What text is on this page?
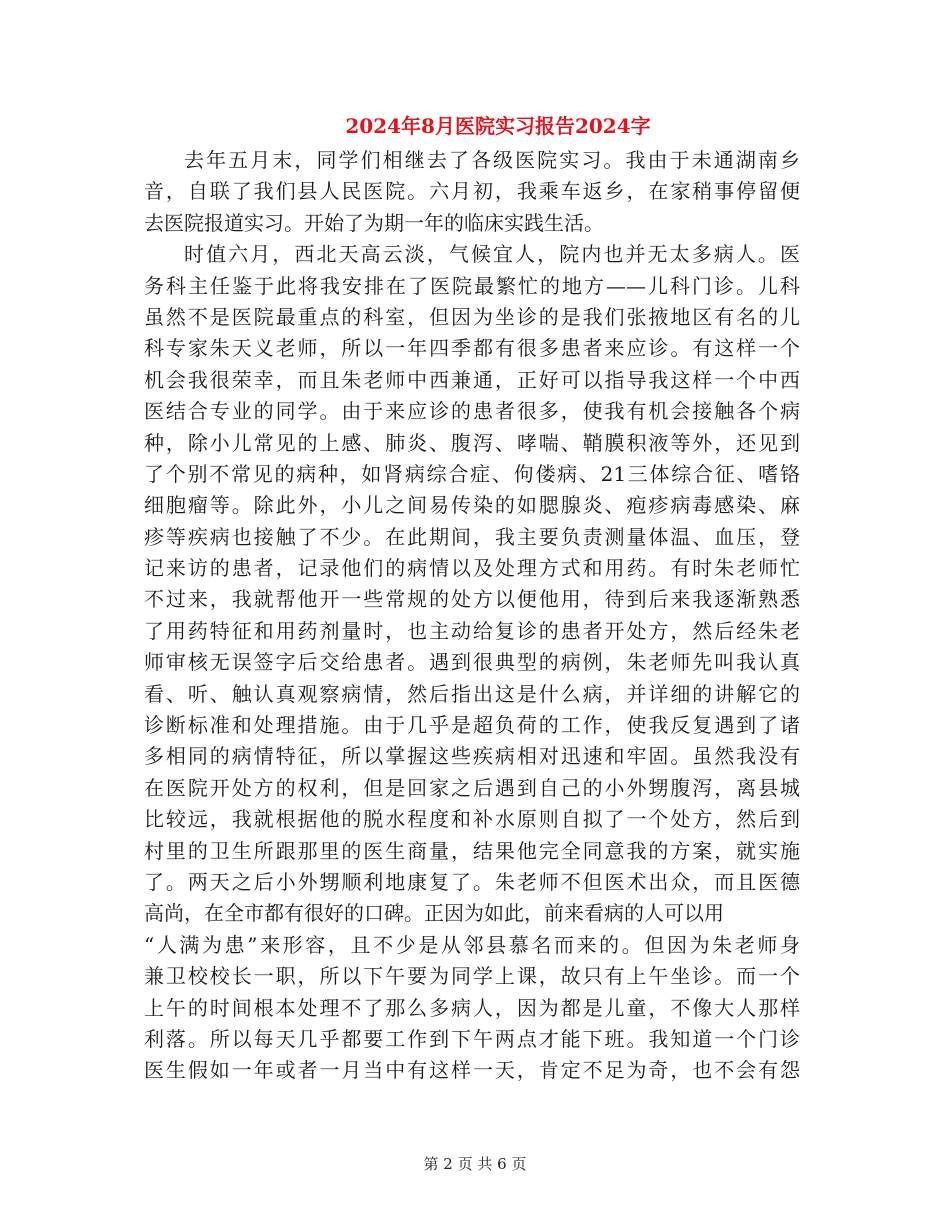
2024年8月医院实习报告2024字
去年五月末，同学们相继去了各级医院实习。我由于未通湖南乡
音，自联了我们县人民医院。六月初，我乘车返乡，在家稍事停留便
去医院报道实习。开始了为期一年的临床实践生活。
时值六月，西北天高云淡，气候宜人，院内也并无太多病人。医
务科主任鉴于此将我安排在了医院最繁忙的地方——儿科门诊。儿科
虽然不是医院最重点的科室，但因为坐诊的是我们张掖地区有名的儿
科专家朱天义老师，所以一年四季都有很多患者来应诊。有这样一个
机会我很荣幸，而且朱老师中西兼通，正好可以指导我这样一个中西
医结合专业的同学。由于来应诊的患者很多，使我有机会接触各个病
种，除小儿常见的上感、肺炎、腹泻、哮喘、鞘膜积液等外，还见到
了个别不常见的病种，如肾病综合症、佝偻病、21三体综合征、嗜铬
细胞瘤等。除此外，小儿之间易传染的如腮腺炎、疱疹病毒感染、麻
疹等疾病也接触了不少。在此期间，我主要负责测量体温、血压，登
记来访的患者，记录他们的病情以及处理方式和用药。有时朱老师忙
不过来，我就帮他开一些常规的处方以便他用，待到后来我逐渐熟悉
了用药特征和用药剂量时，也主动给复诊的患者开处方，然后经朱老
师审核无误签字后交给患者。遇到很典型的病例，朱老师先叫我认真
看、听、触认真观察病情，然后指出这是什么病，并详细的讲解它的
诊断标准和处理措施。由于几乎是超负荷的工作，使我反复遇到了诸
多相同的病情特征，所以掌握这些疾病相对迅速和牢固。虽然我没有
在医院开处方的权利，但是回家之后遇到自己的小外甥腹泻，离县城
比较远，我就根据他的脱水程度和补水原则自拟了一个处方，然后到
村里的卫生所跟那里的医生商量，结果他完全同意我的方案，就实施
了。两天之后小外甥顺利地康复了。朱老师不但医术出众，而且医德
高尚，在全市都有很好的口碑。正因为如此，前来看病的人可以用
“人满为患”来形容，且不少是从邻县慕名而来的。但因为朱老师身
兼卫校校长一职，所以下午要为同学上课，故只有上午坐诊。而一个
上午的时间根本处理不了那么多病人，因为都是儿童，不像大人那样
利落。所以每天几乎都要工作到下午两点才能下班。我知道一个门诊
医生假如一年或者一月当中有这样一天，肯定不足为奇，也不会有怨
第 2 页 共 6 页
